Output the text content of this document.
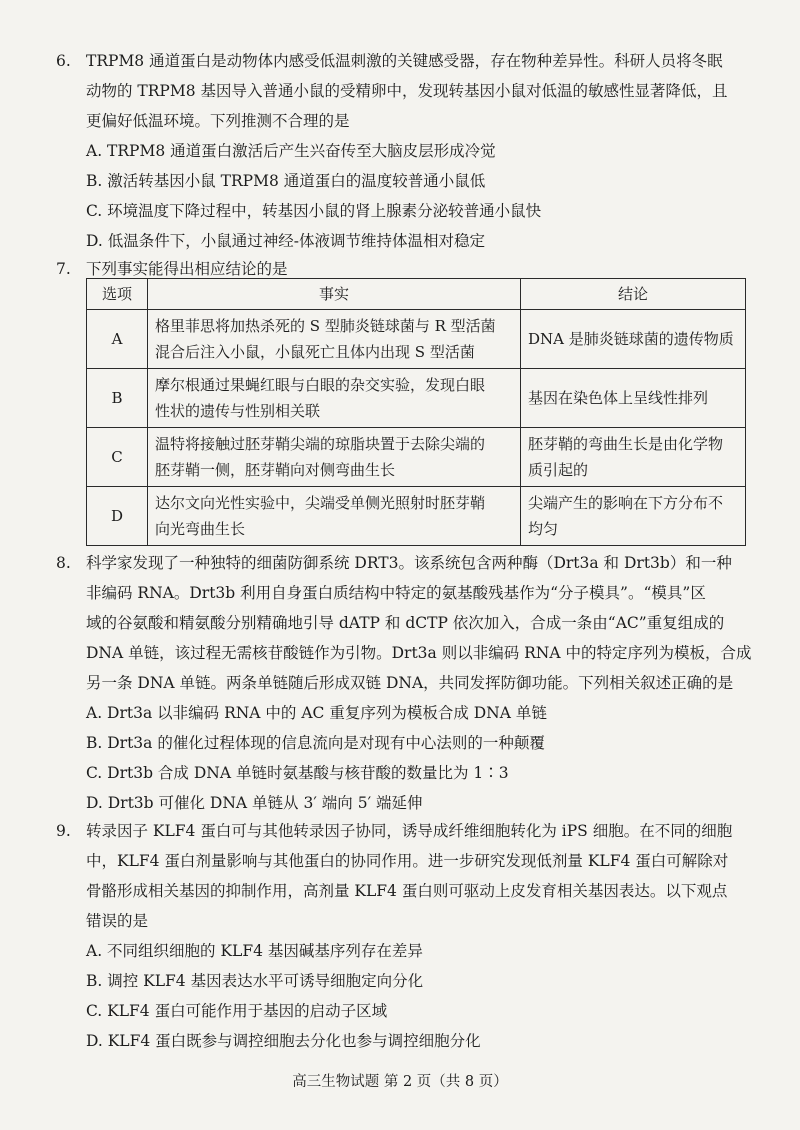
6. TRPM8 通道蛋白是动物体内感受低温刺激的关键感受器，存在物种差异性。科研人员将冬眠
动物的 TRPM8 基因导入普通小鼠的受精卵中，发现转基因小鼠对低温的敏感性显著降低，且
更偏好低温环境。下列推测不合理的是
A. TRPM8 通道蛋白激活后产生兴奋传至大脑皮层形成冷觉
B. 激活转基因小鼠 TRPM8 通道蛋白的温度较普通小鼠低
C. 环境温度下降过程中，转基因小鼠的肾上腺素分泌较普通小鼠快
D. 低温条件下，小鼠通过神经-体液调节维持体温相对稳定
7. 下列事实能得出相应结论的是
选项	事实	结论
A	格里菲思将加热杀死的 S 型肺炎链球菌与 R 型活菌
混合后注入小鼠，小鼠死亡且体内出现 S 型活菌	DNA 是肺炎链球菌的遗传物质
B	摩尔根通过果蝇红眼与白眼的杂交实验，发现白眼
性状的遗传与性别相关联	基因在染色体上呈线性排列
C	温特将接触过胚芽鞘尖端的琼脂块置于去除尖端的
胚芽鞘一侧，胚芽鞘向对侧弯曲生长	胚芽鞘的弯曲生长是由化学物
质引起的
D	达尔文向光性实验中，尖端受单侧光照射时胚芽鞘
向光弯曲生长	尖端产生的影响在下方分布不
均匀
8. 科学家发现了一种独特的细菌防御系统 DRT3。该系统包含两种酶（Drt3a 和 Drt3b）和一种
非编码 RNA。Drt3b 利用自身蛋白质结构中特定的氨基酸残基作为“分子模具”。“模具”区
域的谷氨酸和精氨酸分别精确地引导 dATP 和 dCTP 依次加入，合成一条由“AC”重复组成的
DNA 单链，该过程无需核苷酸链作为引物。Drt3a 则以非编码 RNA 中的特定序列为模板，合成
另一条 DNA 单链。两条单链随后形成双链 DNA，共同发挥防御功能。下列相关叙述正确的是
A. Drt3a 以非编码 RNA 中的 AC 重复序列为模板合成 DNA 单链
B. Drt3a 的催化过程体现的信息流向是对现有中心法则的一种颠覆
C. Drt3b 合成 DNA 单链时氨基酸与核苷酸的数量比为 1∶3
D. Drt3b 可催化 DNA 单链从 3′ 端向 5′ 端延伸
9. 转录因子 KLF4 蛋白可与其他转录因子协同，诱导成纤维细胞转化为 iPS 细胞。在不同的细胞
中，KLF4 蛋白剂量影响与其他蛋白的协同作用。进一步研究发现低剂量 KLF4 蛋白可解除对
骨骼形成相关基因的抑制作用，高剂量 KLF4 蛋白则可驱动上皮发育相关基因表达。以下观点
错误的是
A. 不同组织细胞的 KLF4 基因碱基序列存在差异
B. 调控 KLF4 基因表达水平可诱导细胞定向分化
C. KLF4 蛋白可能作用于基因的启动子区域
D. KLF4 蛋白既参与调控细胞去分化也参与调控细胞分化
高三生物试题 第 2 页（共 8 页）
